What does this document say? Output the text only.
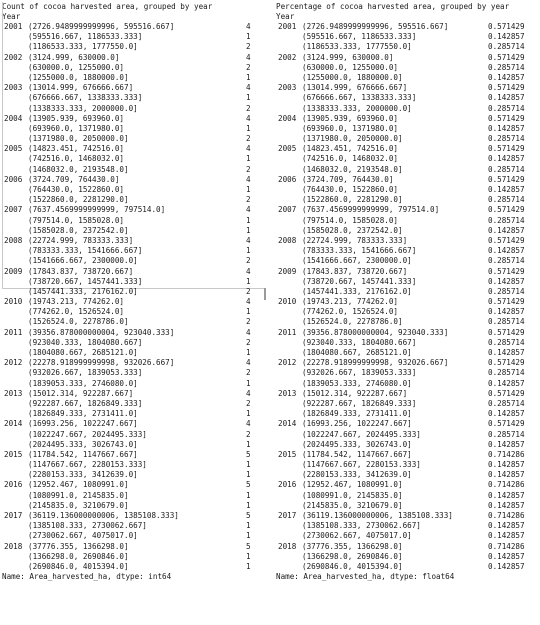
Count of cocoa harvested area, grouped by year
Year
2001 (2726.9489999999996, 595516.667]	4
(595516.667, 1186533.333]	1
(1186533.333, 1777550.0]	2
2002 (3124.999, 630000.0]	4
(630000.0, 1255000.0]	2
(1255000.0, 1880000.0]	1
2003 (13014.999, 676666.667]	4
(676666.667, 1338333.333]	1
(1338333.333, 2000000.0]	2
2004 (13905.939, 693960.0]	4
(693960.0, 1371980.0]	1
(1371980.0, 2050000.0]	2
2005 (14823.451, 742516.0]	4
(742516.0, 1468032.0]	1
(1468032.0, 2193548.0]	2
2006 (3724.709, 764430.0]	4
(764430.0, 1522860.0]	1
(1522860.0, 2281290.0]	2
2007 (7637.4569999999999, 797514.0]	4
(797514.0, 1585028.0]	1
(1585028.0, 2372542.0]	1
2008 (22724.999, 783333.333]	4
(783333.333, 1541666.667]	1
(1541666.667, 2300000.0]	2
2009 (17843.837, 738720.667]	4
(738720.667, 1457441.333]	1
(1457441.333, 2176162.0]	2
2010 (19743.213, 774262.0]	4
(774262.0, 1526524.0]	1
(1526524.0, 2278786.0]	2
2011 (39356.878000000004, 923040.333]	4
(923040.333, 1804080.667]	2
(1804080.667, 2685121.0]	1
2012 (22278.918999999998, 932026.667]	4
(932026.667, 1839053.333]	2
(1839053.333, 2746080.0]	1
2013 (15012.314, 922287.667]	4
(922287.667, 1826849.333]	2
(1826849.333, 2731411.0]	1
2014 (16993.256, 1022247.667]	4
(1022247.667, 2024495.333]	2
(2024495.333, 3026743.0]	1
2015 (11784.542, 1147667.667]	5
(1147667.667, 2280153.333]	1
(2280153.333, 3412639.0]	1
2016 (12952.467, 1080991.0]	5
(1080991.0, 2145835.0]	1
(2145835.0, 3210679.0]	1
2017 (36119.136000000006, 1385108.333]	5
(1385108.333, 2730062.667]	1
(2730062.667, 4075017.0]	1
2018 (37776.355, 1366298.0]	5
(1366298.0, 2690846.0]	1
(2690846.0, 4015394.0]	1
Name: Area_harvested_ha, dtype: int64
Percentage of cocoa harvested area, grouped by year
Year
2001 (2726.9489999999996, 595516.667]	0.571429
(595516.667, 1186533.333]	0.142857
(1186533.333, 1777550.0]	0.285714
2002 (3124.999, 630000.0]	0.571429
(630000.0, 1255000.0]	0.285714
(1255000.0, 1880000.0]	0.142857
2003 (13014.999, 676666.667]	0.571429
(676666.667, 1338333.333]	0.142857
(1338333.333, 2000000.0]	0.285714
2004 (13905.939, 693960.0]	0.571429
(693960.0, 1371980.0]	0.142857
(1371980.0, 2050000.0]	0.285714
2005 (14823.451, 742516.0]	0.571429
(742516.0, 1468032.0]	0.142857
(1468032.0, 2193548.0]	0.285714
2006 (3724.709, 764430.0]	0.571429
(764430.0, 1522860.0]	0.142857
(1522860.0, 2281290.0]	0.285714
2007 (7637.4569999999999, 797514.0]	0.571429
(797514.0, 1585028.0]	0.285714
(1585028.0, 2372542.0]	0.142857
2008 (22724.999, 783333.333]	0.571429
(783333.333, 1541666.667]	0.142857
(1541666.667, 2300000.0]	0.285714
2009 (17843.837, 738720.667]	0.571429
(738720.667, 1457441.333]	0.142857
(1457441.333, 2176162.0]	0.285714
2010 (19743.213, 774262.0]	0.571429
(774262.0, 1526524.0]	0.142857
(1526524.0, 2278786.0]	0.285714
2011 (39356.878000000004, 923040.333]	0.571429
(923040.333, 1804080.667]	0.285714
(1804080.667, 2685121.0]	0.142857
2012 (22278.918999999998, 932026.667]	0.571429
(932026.667, 1839053.333]	0.285714
(1839053.333, 2746080.0]	0.142857
2013 (15012.314, 922287.667]	0.571429
(922287.667, 1826849.333]	0.285714
(1826849.333, 2731411.0]	0.142857
2014 (16993.256, 1022247.667]	0.571429
(1022247.667, 2024495.333]	0.285714
(2024495.333, 3026743.0]	0.142857
2015 (11784.542, 1147667.667]	0.714286
(1147667.667, 2280153.333]	0.142857
(2280153.333, 3412639.0]	0.142857
2016 (12952.467, 1080991.0]	0.714286
(1080991.0, 2145835.0]	0.142857
(2145835.0, 3210679.0]	0.142857
2017 (36119.136000000006, 1385108.333]	0.714286
(1385108.333, 2730062.667]	0.142857
(2730062.667, 4075017.0]	0.142857
2018 (37776.355, 1366298.0]	0.714286
(1366298.0, 2690846.0]	0.142857
(2690846.0, 4015394.0]	0.142857
Name: Area_harvested_ha, dtype: float64
